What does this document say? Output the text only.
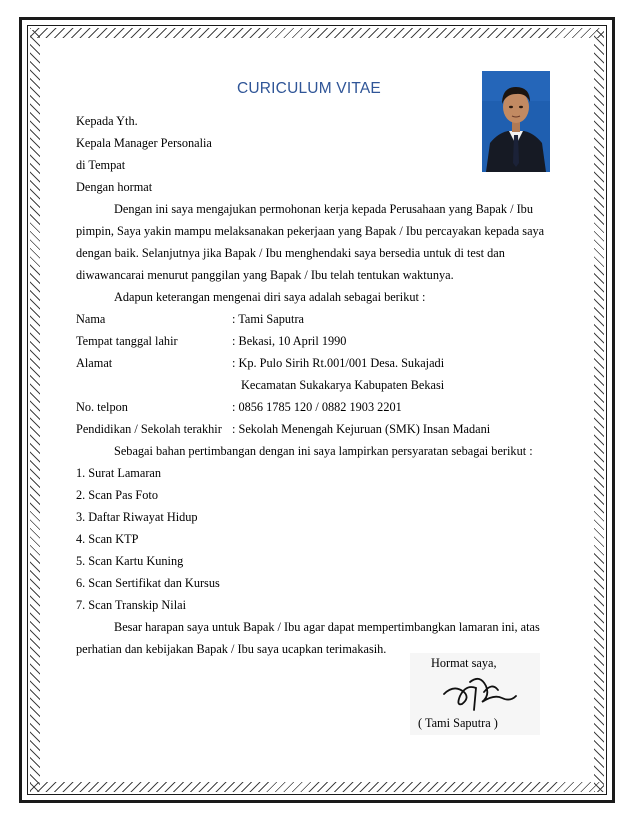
CURICULUM VITAE
Kepada Yth.
Kepala Manager Personalia
di Tempat
Dengan hormat
Dengan ini saya mengajukan permohonan kerja kepada Perusahaan yang Bapak / Ibu
pimpin, Saya yakin mampu melaksanakan pekerjaan yang Bapak / Ibu percayakan kepada saya
dengan baik. Selanjutnya jika Bapak / Ibu menghendaki saya bersedia untuk di test dan
diwawancarai menurut panggilan yang Bapak / Ibu telah tentukan waktunya.
Adapun keterangan mengenai diri saya adalah sebagai berikut :
Nama	: Tami Saputra
Tempat tanggal lahir	: Bekasi, 10 April 1990
Alamat	: Kp. Pulo Sirih Rt.001/001 Desa. Sukajadi
Kecamatan Sukakarya Kabupaten Bekasi
No. telpon	: 0856 1785 120 / 0882 1903 2201
Pendidikan / Sekolah terakhir : Sekolah Menengah Kejuruan (SMK) Insan Madani
Sebagai bahan pertimbangan dengan ini saya lampirkan persyaratan sebagai berikut :
1. Surat Lamaran
2. Scan Pas Foto
3. Daftar Riwayat Hidup
4. Scan KTP
5. Scan Kartu Kuning
6. Scan Sertifikat dan Kursus
7. Scan Transkip Nilai
Besar harapan saya untuk Bapak / Ibu agar dapat mempertimbangkan lamaran ini, atas
perhatian dan kebijakan Bapak / Ibu saya ucapkan terimakasih.
Hormat saya,
( Tami Saputra )
